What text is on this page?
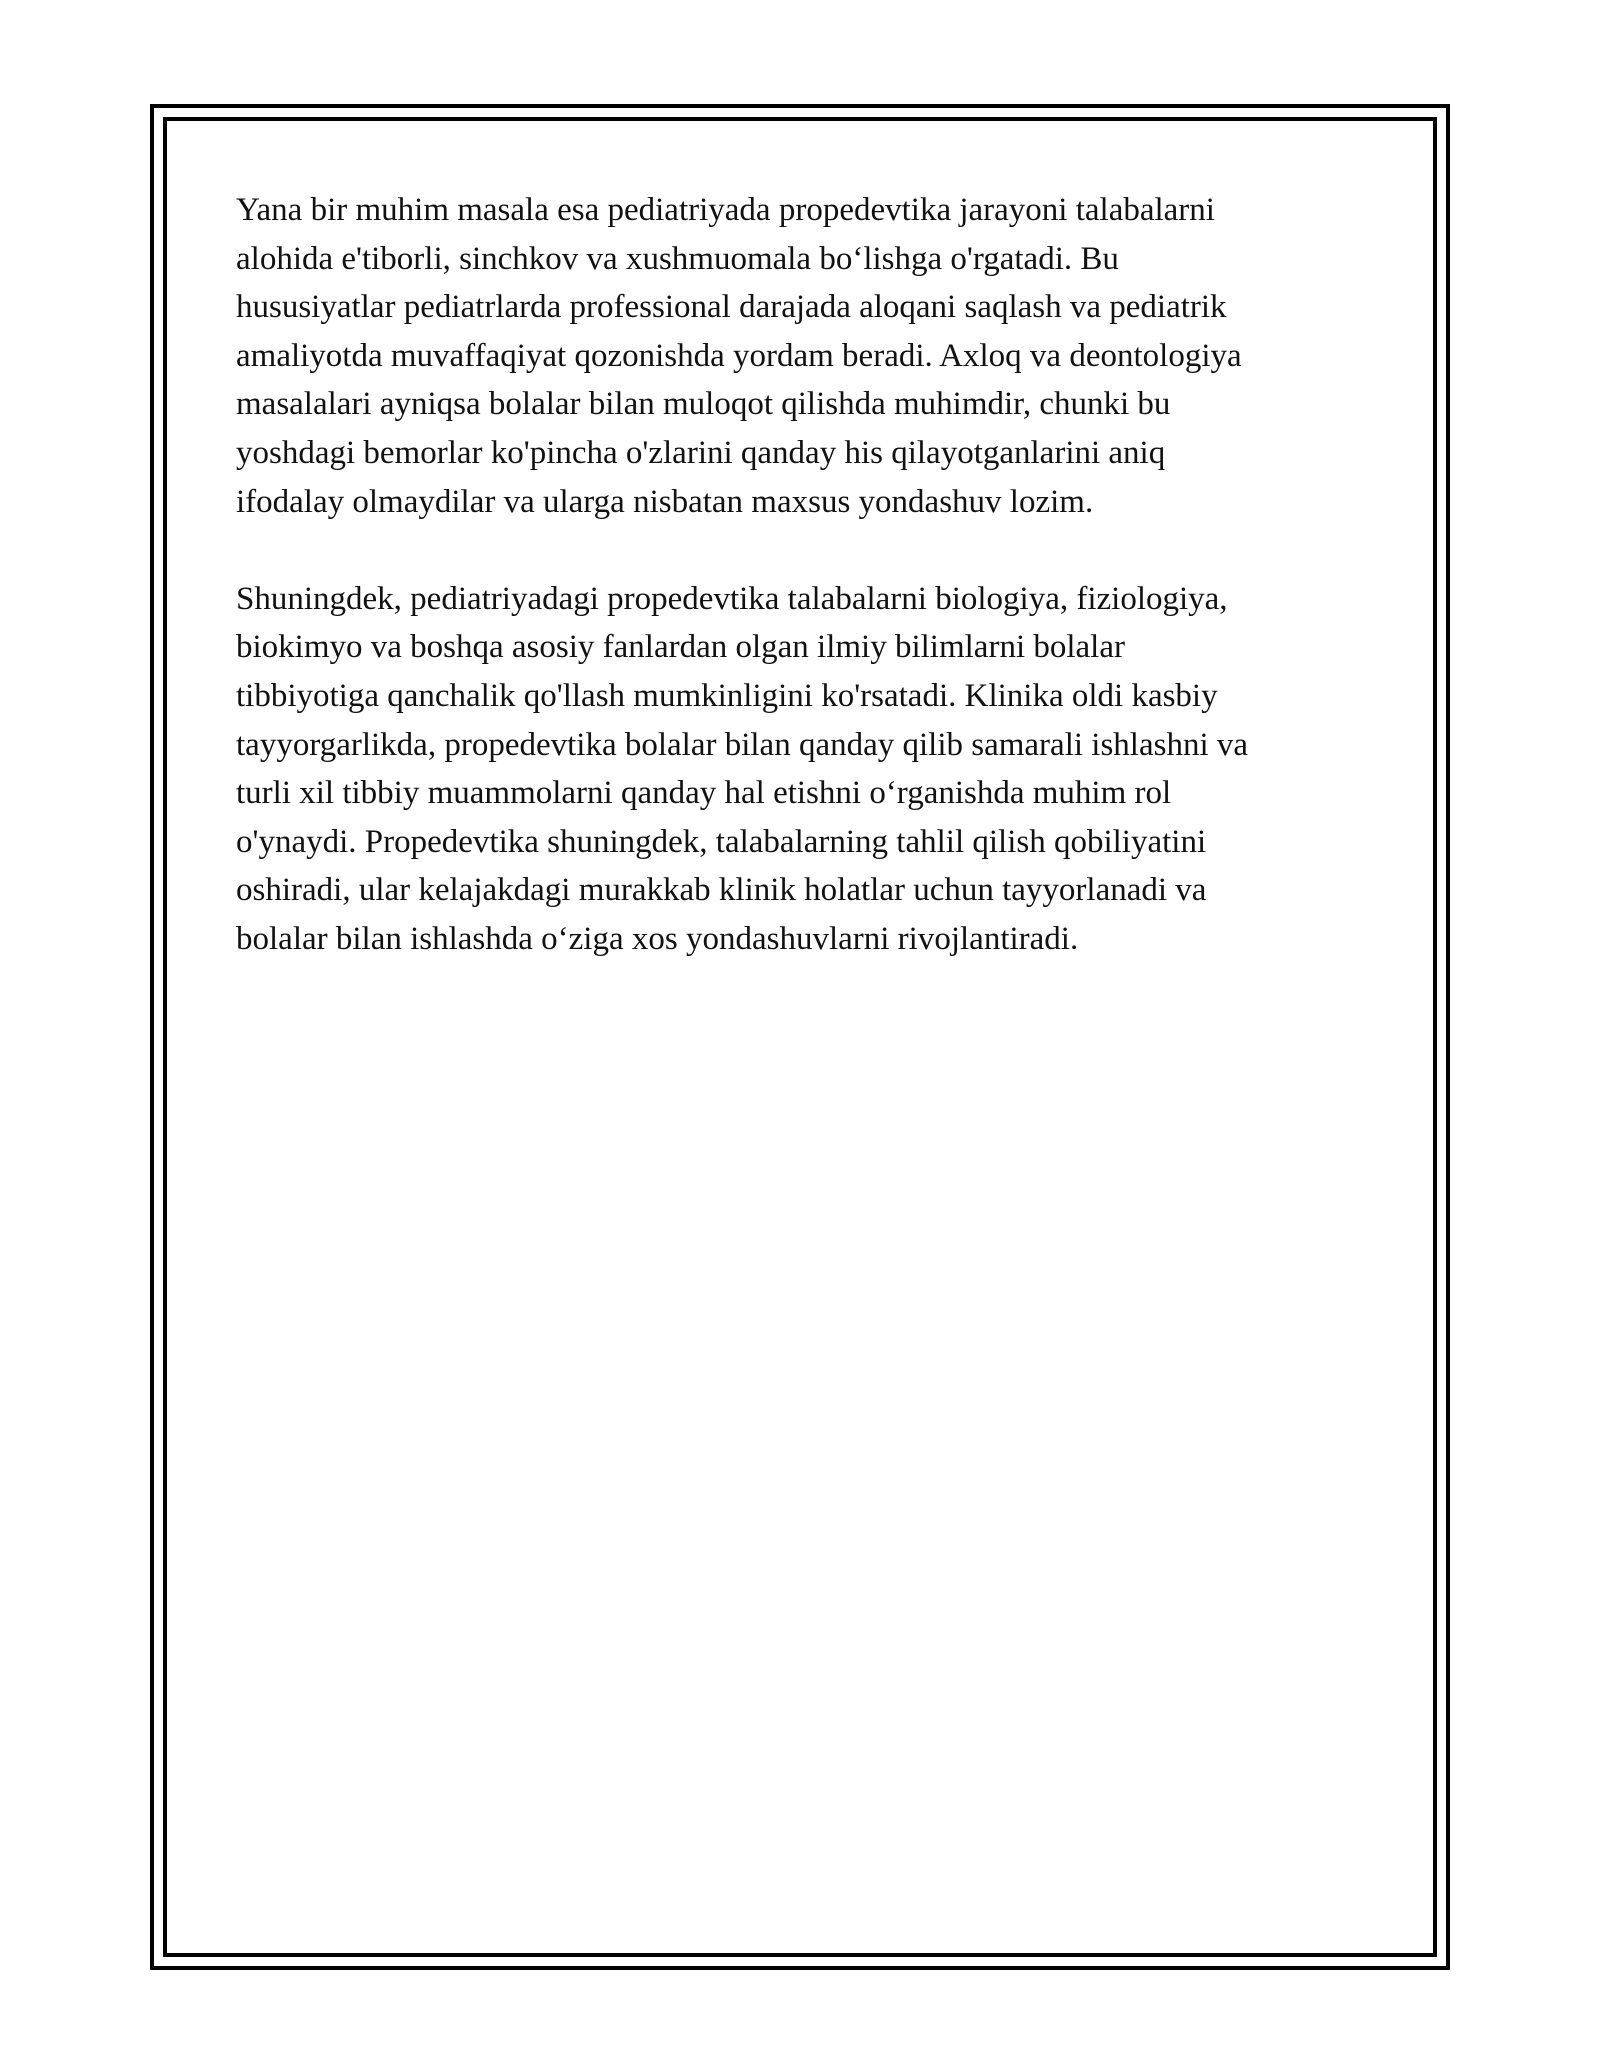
Yana bir muhim masala esa pediatriyada propedevtika jarayoni talabalarni
alohida e'tiborli, sinchkov va xushmuomala bo‘lishga o'rgatadi. Bu
hususiyatlar pediatrlarda professional darajada aloqani saqlash va pediatrik
amaliyotda muvaffaqiyat qozonishda yordam beradi. Axloq va deontologiya
masalalari ayniqsa bolalar bilan muloqot qilishda muhimdir, chunki bu
yoshdagi bemorlar ko'pincha o'zlarini qanday his qilayotganlarini aniq
ifodalay olmaydilar va ularga nisbatan maxsus yondashuv lozim.

Shuningdek, pediatriyadagi propedevtika talabalarni biologiya, fiziologiya,
biokimyo va boshqa asosiy fanlardan olgan ilmiy bilimlarni bolalar
tibbiyotiga qanchalik qo'llash mumkinligini ko'rsatadi. Klinika oldi kasbiy
tayyorgarlikda, propedevtika bolalar bilan qanday qilib samarali ishlashni va
turli xil tibbiy muammolarni qanday hal etishni o‘rganishda muhim rol
o'ynaydi. Propedevtika shuningdek, talabalarning tahlil qilish qobiliyatini
oshiradi, ular kelajakdagi murakkab klinik holatlar uchun tayyorlanadi va
bolalar bilan ishlashda o‘ziga xos yondashuvlarni rivojlantiradi.
